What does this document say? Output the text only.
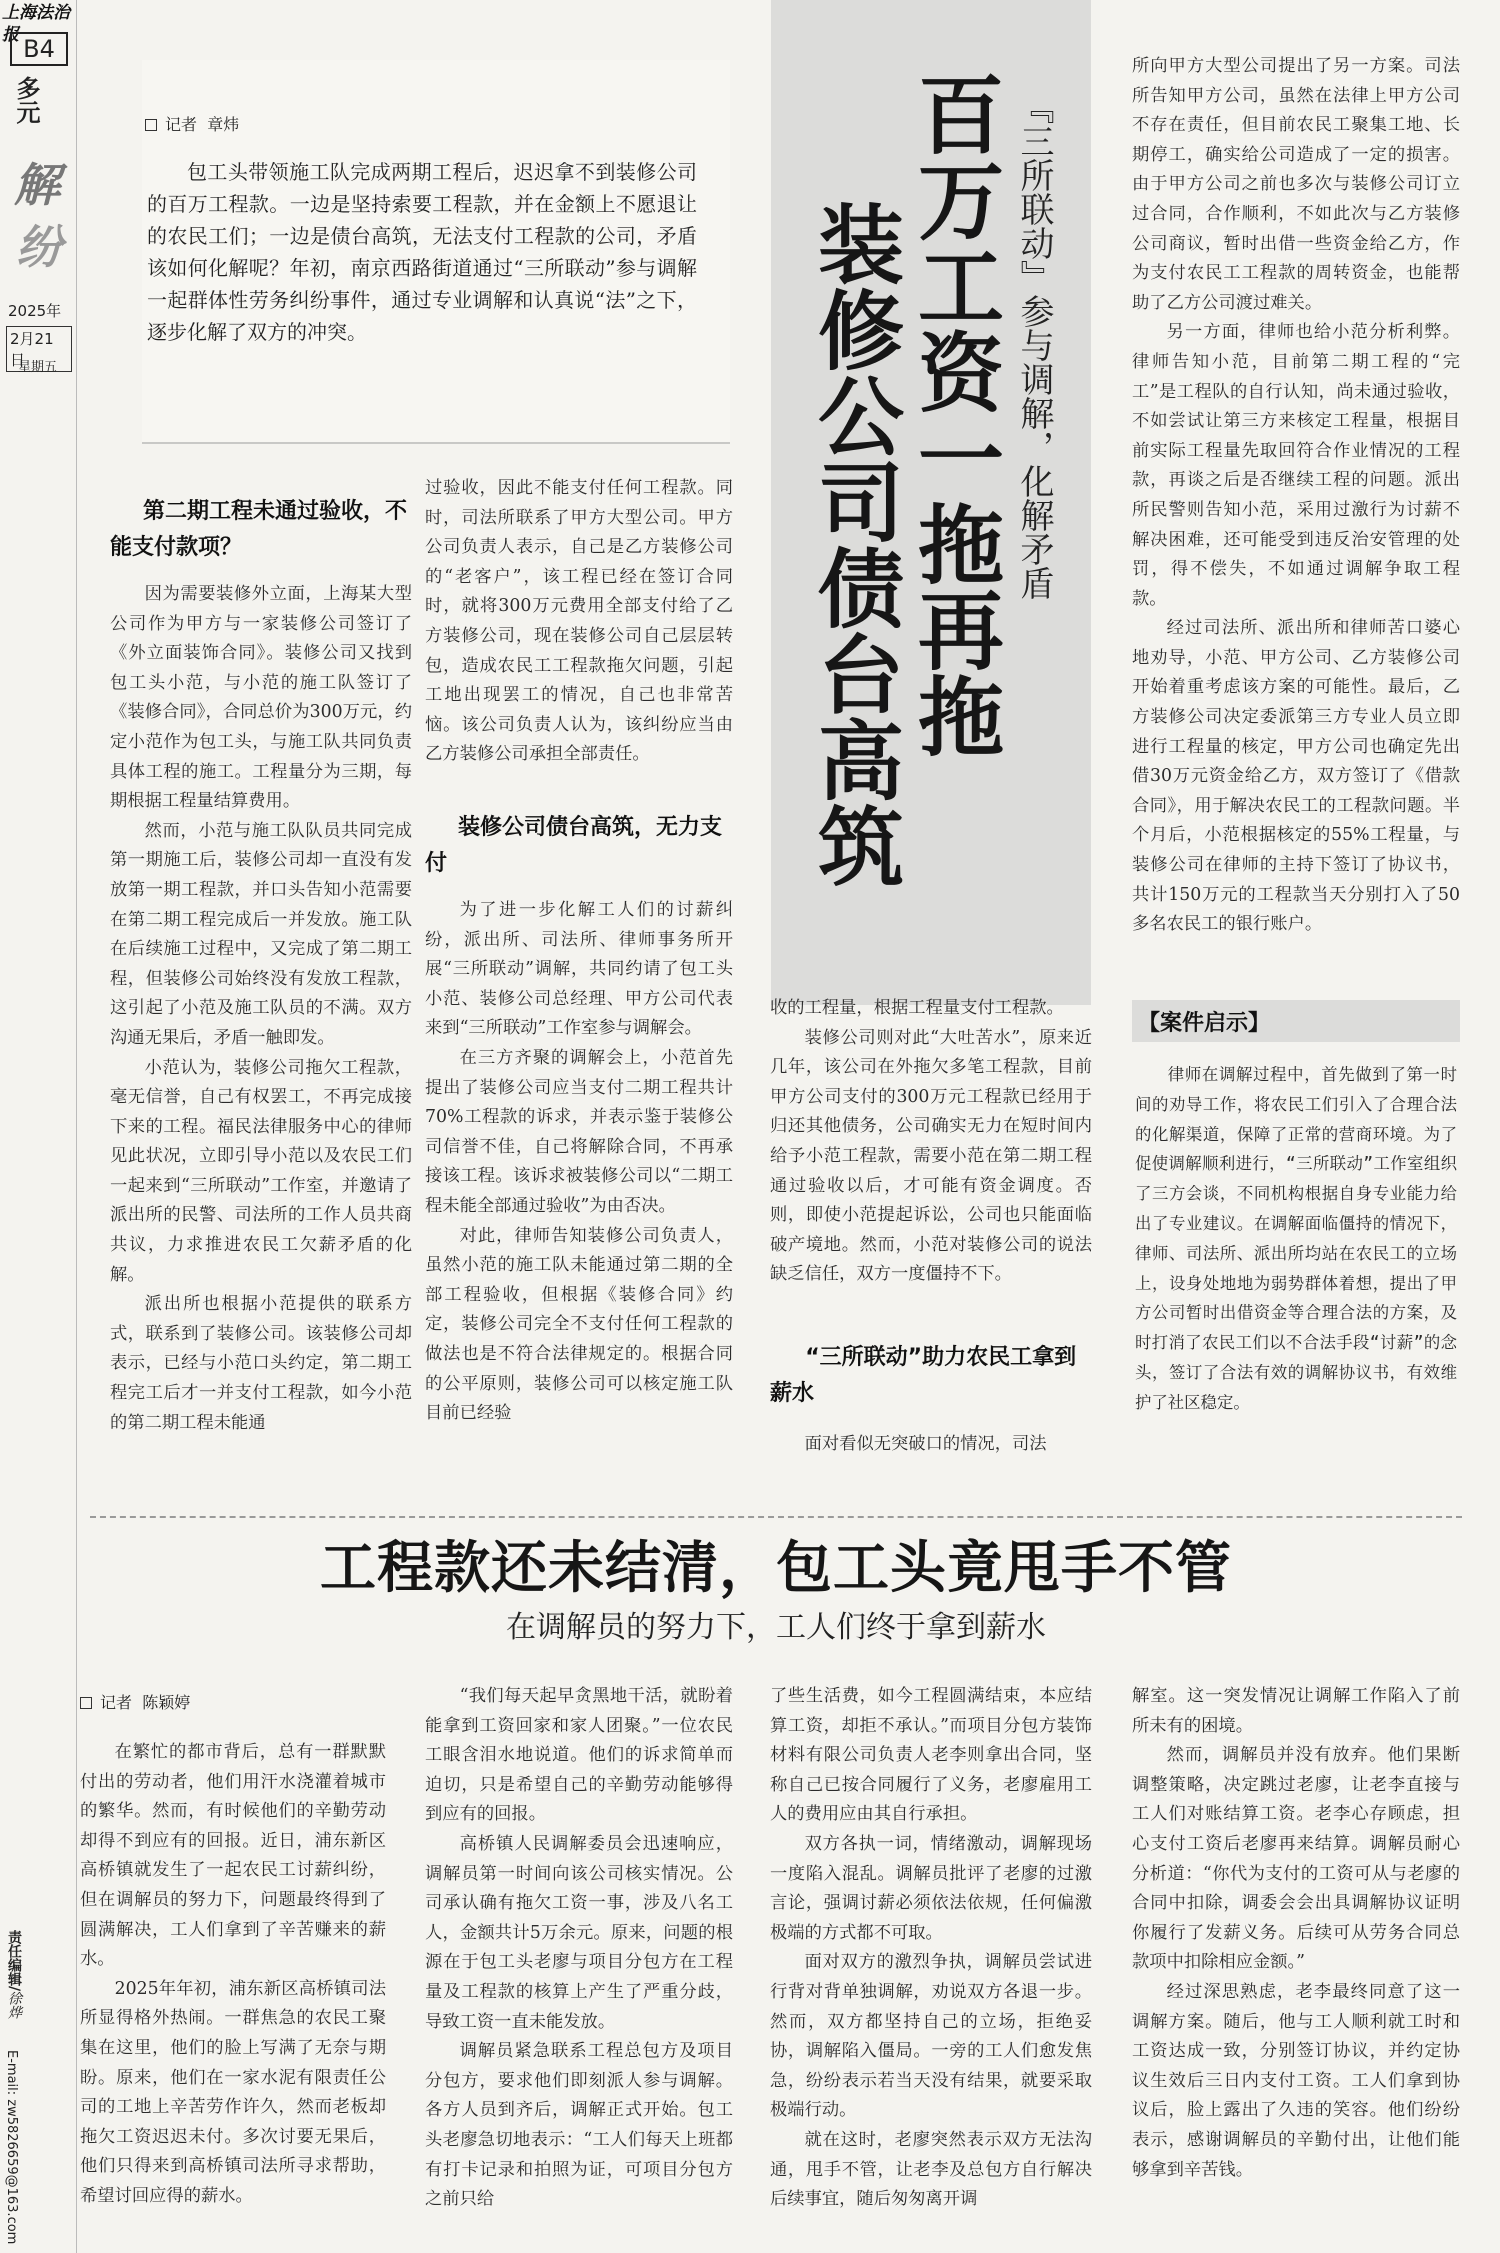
上海法治报 B4
多元
解
纷
2025年
2月21日
星期五
责任编辑/徐烨
E-mail: zw5826659@163.com
记者 章炜

包工头带领施工队完成两期工程后，迟迟拿不到装修公司的百万工程款。一边是坚持索要工程款，并在金额上不愿退让的农民工们；一边是债台高筑，无法支付工程款的公司，矛盾该如何化解呢？年初，南京西路街道通过“三所联动”参与调解一起群体性劳务纠纷事件，通过专业调解和认真说“法”之下，逐步化解了双方的冲突。	百万工资一拖再拖
装修公司债台高筑	『三所联动』参与调解，化解矛盾
第二期工程未通过验收，不能支付款项？

因为需要装修外立面，上海某大型公司作为甲方与一家装修公司签订了《外立面装饰合同》。装修公司又找到包工头小范，与小范的施工队签订了《装修合同》，合同总价为300万元，约定小范作为包工头，与施工队共同负责具体工程的施工。工程量分为三期，每期根据工程量结算费用。

然而，小范与施工队队员共同完成第一期施工后，装修公司却一直没有发放第一期工程款，并口头告知小范需要在第二期工程完成后一并发放。施工队在后续施工过程中，又完成了第二期工程，但装修公司始终没有发放工程款，这引起了小范及施工队员的不满。双方沟通无果后，矛盾一触即发。

小范认为，装修公司拖欠工程款，毫无信誉，自己有权罢工，不再完成接下来的工程。福民法律服务中心的律师见此状况，立即引导小范以及农民工们一起来到“三所联动”工作室，并邀请了派出所的民警、司法所的工作人员共商共议，力求推进农民工欠薪矛盾的化解。

派出所也根据小范提供的联系方式，联系到了装修公司。该装修公司却表示，已经与小范口头约定，第二期工程完工后才一并支付工程款，如今小范的第二期工程未能通

过验收，因此不能支付任何工程款。同时，司法所联系了甲方大型公司。甲方公司负责人表示，自己是乙方装修公司的“老客户”，该工程已经在签订合同时，就将300万元费用全部支付给了乙方装修公司，现在装修公司自己层层转包，造成农民工工程款拖欠问题，引起工地出现罢工的情况，自己也非常苦恼。该公司负责人认为，该纠纷应当由乙方装修公司承担全部责任。

装修公司债台高筑，无力支付

为了进一步化解工人们的讨薪纠纷，派出所、司法所、律师事务所开展“三所联动”调解，共同约请了包工头小范、装修公司总经理、甲方公司代表来到“三所联动”工作室参与调解会。

在三方齐聚的调解会上，小范首先提出了装修公司应当支付二期工程共计70%工程款的诉求，并表示鉴于装修公司信誉不佳，自己将解除合同，不再承接该工程。该诉求被装修公司以“二期工程未能全部通过验收”为由否决。

对此，律师告知装修公司负责人，虽然小范的施工队未能通过第二期的全部工程验收，但根据《装修合同》约定，装修公司完全不支付任何工程款的做法也是不符合法律规定的。根据合同的公平原则，装修公司可以核定施工队目前已经验

收的工程量，根据工程量支付工程款。

装修公司则对此“大吐苦水”，原来近几年，该公司在外拖欠多笔工程款，目前甲方公司支付的300万元工程款已经用于归还其他债务，公司确实无力在短时间内给予小范工程款，需要小范在第二期工程通过验收以后，才可能有资金调度。否则，即使小范提起诉讼，公司也只能面临破产境地。然而，小范对装修公司的说法缺乏信任，双方一度僵持不下。

“三所联动”助力农民工拿到薪水

面对看似无突破口的情况，司法

所向甲方大型公司提出了另一方案。司法所告知甲方公司，虽然在法律上甲方公司不存在责任，但目前农民工聚集工地、长期停工，确实给公司造成了一定的损害。由于甲方公司之前也多次与装修公司订立过合同，合作顺利，不如此次与乙方装修公司商议，暂时出借一些资金给乙方，作为支付农民工工程款的周转资金，也能帮助了乙方公司渡过难关。

另一方面，律师也给小范分析利弊。律师告知小范，目前第二期工程的“完工”是工程队的自行认知，尚未通过验收，不如尝试让第三方来核定工程量，根据目前实际工程量先取回符合作业情况的工程款，再谈之后是否继续工程的问题。派出所民警则告知小范，采用过激行为讨薪不解决困难，还可能受到违反治安管理的处罚，得不偿失，不如通过调解争取工程款。

经过司法所、派出所和律师苦口婆心地劝导，小范、甲方公司、乙方装修公司开始着重考虑该方案的可能性。最后，乙方装修公司决定委派第三方专业人员立即进行工程量的核定，甲方公司也确定先出借30万元资金给乙方，双方签订了《借款合同》，用于解决农民工的工程款问题。半个月后，小范根据核定的55%工程量，与装修公司在律师的主持下签订了协议书，共计150万元的工程款当天分别打入了50多名农民工的银行账户。

【案件启示】

律师在调解过程中，首先做到了第一时间的劝导工作，将农民工们引入了合理合法的化解渠道，保障了正常的营商环境。为了促使调解顺利进行，“三所联动”工作室组织了三方会谈，不同机构根据自身专业能力给出了专业建议。在调解面临僵持的情况下，律师、司法所、派出所均站在农民工的立场上，设身处地地为弱势群体着想，提出了甲方公司暂时出借资金等合理合法的方案，及时打消了农民工们以不合法手段“讨薪”的念头，签订了合法有效的调解协议书，有效维护了社区稳定。

工程款还未结清，包工头竟甩手不管
在调解员的努力下，工人们终于拿到薪水
记者 陈颖婷

在繁忙的都市背后，总有一群默默付出的劳动者，他们用汗水浇灌着城市的繁华。然而，有时候他们的辛勤劳动却得不到应有的回报。近日，浦东新区高桥镇就发生了一起农民工讨薪纠纷，但在调解员的努力下，问题最终得到了圆满解决，工人们拿到了辛苦赚来的薪水。

2025年年初，浦东新区高桥镇司法所显得格外热闹。一群焦急的农民工聚集在这里，他们的脸上写满了无奈与期盼。原来，他们在一家水泥有限责任公司的工地上辛苦劳作许久，然而老板却拖欠工资迟迟未付。多次讨要无果后，他们只得来到高桥镇司法所寻求帮助，希望讨回应得的薪水。

“我们每天起早贪黑地干活，就盼着能拿到工资回家和家人团聚。”一位农民工眼含泪水地说道。他们的诉求简单而迫切，只是希望自己的辛勤劳动能够得到应有的回报。

高桥镇人民调解委员会迅速响应，调解员第一时间向该公司核实情况。公司承认确有拖欠工资一事，涉及八名工人，金额共计5万余元。原来，问题的根源在于包工头老廖与项目分包方在工程量及工程款的核算上产生了严重分歧，导致工资一直未能发放。

调解员紧急联系工程总包方及项目分包方，要求他们即刻派人参与调解。各方人员到齐后，调解正式开始。包工头老廖急切地表示：“工人们每天上班都有打卡记录和拍照为证，可项目分包方之前只给

了些生活费，如今工程圆满结束，本应结算工资，却拒不承认。”而项目分包方装饰材料有限公司负责人老李则拿出合同，坚称自己已按合同履行了义务，老廖雇用工人的费用应由其自行承担。

双方各执一词，情绪激动，调解现场一度陷入混乱。调解员批评了老廖的过激言论，强调讨薪必须依法依规，任何偏激极端的方式都不可取。

面对双方的激烈争执，调解员尝试进行背对背单独调解，劝说双方各退一步。然而，双方都坚持自己的立场，拒绝妥协，调解陷入僵局。一旁的工人们愈发焦急，纷纷表示若当天没有结果，就要采取极端行动。

就在这时，老廖突然表示双方无法沟通，甩手不管，让老李及总包方自行解决后续事宜，随后匆匆离开调

解室。这一突发情况让调解工作陷入了前所未有的困境。

然而，调解员并没有放弃。他们果断调整策略，决定跳过老廖，让老李直接与工人们对账结算工资。老李心存顾虑，担心支付工资后老廖再来结算。调解员耐心分析道：“你代为支付的工资可从与老廖的合同中扣除，调委会会出具调解协议证明你履行了发薪义务。后续可从劳务合同总款项中扣除相应金额。”

经过深思熟虑，老李最终同意了这一调解方案。随后，他与工人顺利就工时和工资达成一致，分别签订协议，并约定协议生效后三日内支付工资。工人们拿到协议后，脸上露出了久违的笑容。他们纷纷表示，感谢调解员的辛勤付出，让他们能够拿到辛苦钱。
